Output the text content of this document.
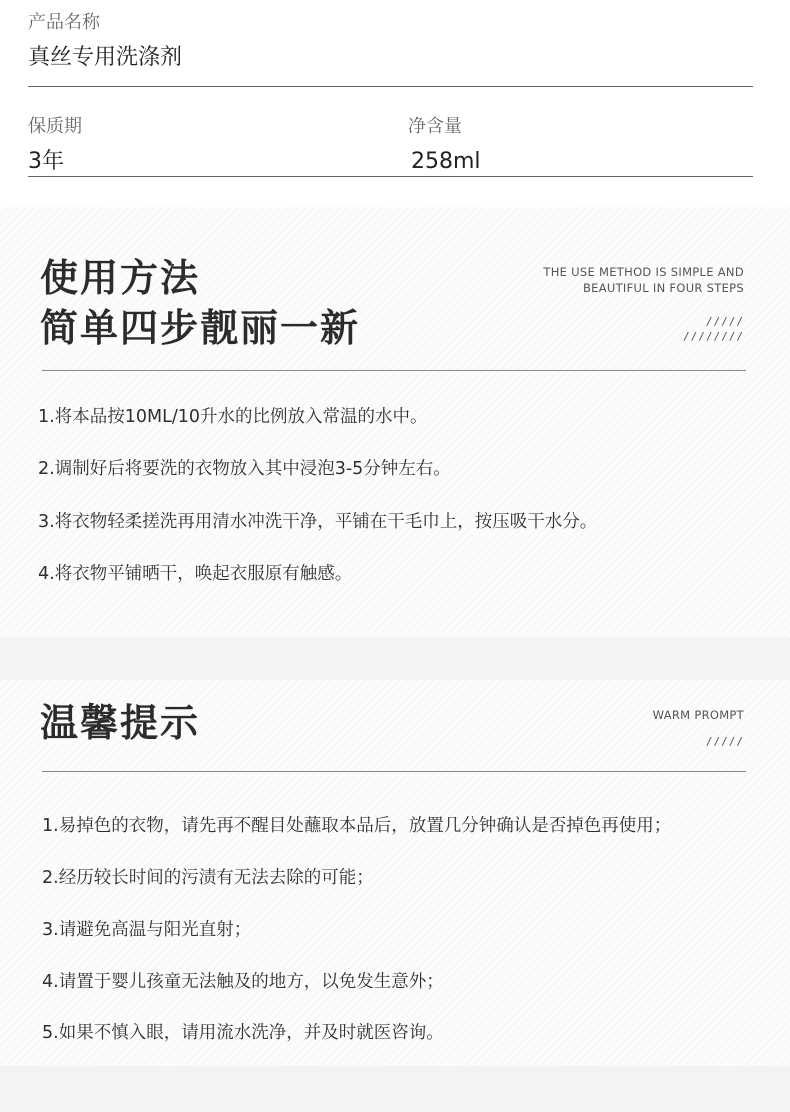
产品名称
真丝专用洗涤剂
保质期
3年
净含量
258ml
使用方法
简单四步靓丽一新
THE USE METHOD IS SIMPLE AND
BEAUTIFUL IN FOUR STEPS
/////
////////

1.将本品按10ML/10升水的比例放入常温的水中。

2.调制好后将要洗的衣物放入其中浸泡3-5分钟左右。

3.将衣物轻柔搓洗再用清水冲洗干净，平铺在干毛巾上，按压吸干水分。

4.将衣物平铺晒干，唤起衣服原有触感。

温馨提示	WARM PROMPT
/////

1.易掉色的衣物，请先再不醒目处蘸取本品后，放置几分钟确认是否掉色再使用；

2.经历较长时间的污渍有无法去除的可能；

3.请避免高温与阳光直射；

4.请置于婴儿孩童无法触及的地方，以免发生意外；

5.如果不慎入眼，请用流水洗净，并及时就医咨询。
